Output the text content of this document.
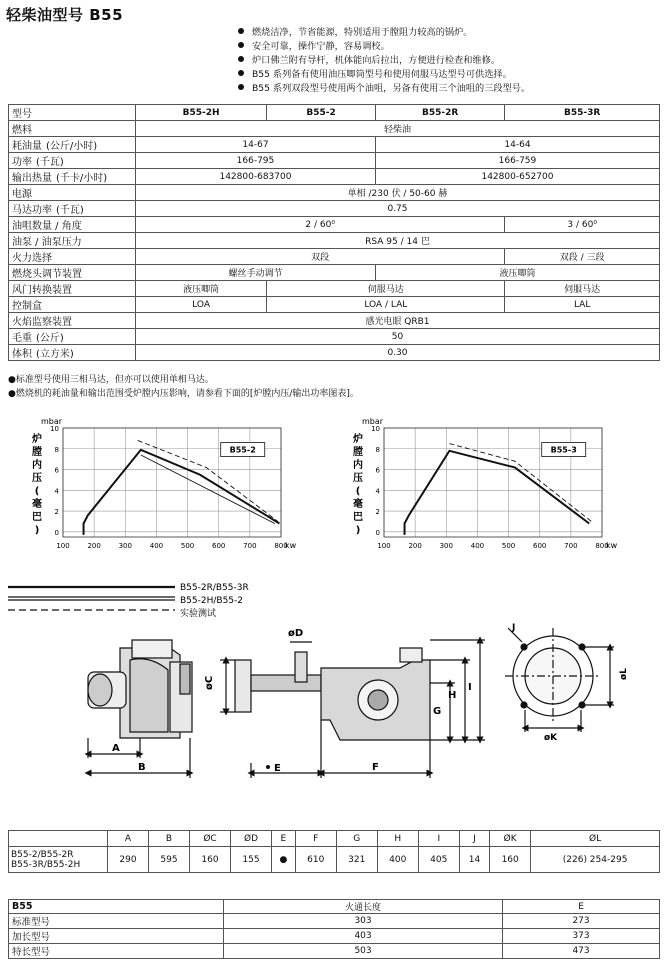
轻柴油型号 B55
燃烧洁净，节省能源，特别适用于膛阻力较高的锅炉。
安全可靠，操作宁静，容易调校。
炉口佛兰附有导杆，机体能向后拉出，方便进行检查和维修。
B55 系列备有使用油压唧筒型号和使用伺服马达型号可供选择。
B55 系列双段型号使用两个油咀，另备有使用三个油咀的三段型号。
型号	B55-2H	B55-2	B55-2R	B55-3R
燃料	轻柴油			
耗油量 (公斤/小时)	14-67		14-64	
功率 (千瓦)	166-795		166-759	
输出热量 (千卡/小时)	142800-683700		142800-652700	
电源	单相 /230 伏 / 50-60 赫			
马达功率 (千瓦)	0.75			
油咀数量 / 角度	2 / 60⁰			3 / 60⁰
油泵 / 油泵压力	RSA 95 / 14 巴			
火力选择	双段			双段 / 三段
燃烧头调节装置	螺丝手动调节		液压唧筒	
风门转换装置	液压唧筒	伺服马达		伺服马达
控制盒	LOA	LOA / LAL		LAL
火焰监察装置	感光电眼 QRB1			
毛重 (公斤)	50			
体积 (立方米)	0.30			
●标准型号使用三相马达，但亦可以使用单相马达。
●燃烧机的耗油量和输出范围受炉膛内压影响，请参看下面的[炉膛内压/输出功率图表]。
100	200	300	400	500	600	700	800
0
2
4
6
8
10
mbar
kw
炉
膛
内
压
(
毫
巴
)
B55-2
100	200	300	400	500	600	700	800
0
2
4
6
8
10
mbar
kw
炉
膛
内
压
(
毫
巴
)
B55-3
B55-2R/B55-3R
B55-2H/B55-2
实验测试
A
B
øC
øD
E	F
G
H
I
J
øK
øL
	A	B	ØC	ØD	E	F	G	H	I	J	ØK	ØL

B55-2/B55-2R
B55-3R/B55-2H	290	595	160	155	●	610	321	400	405	14	160	(226) 254-295
B55	火通长度	E
标准型号	303	273
加长型号	403	373
特长型号	503	473
